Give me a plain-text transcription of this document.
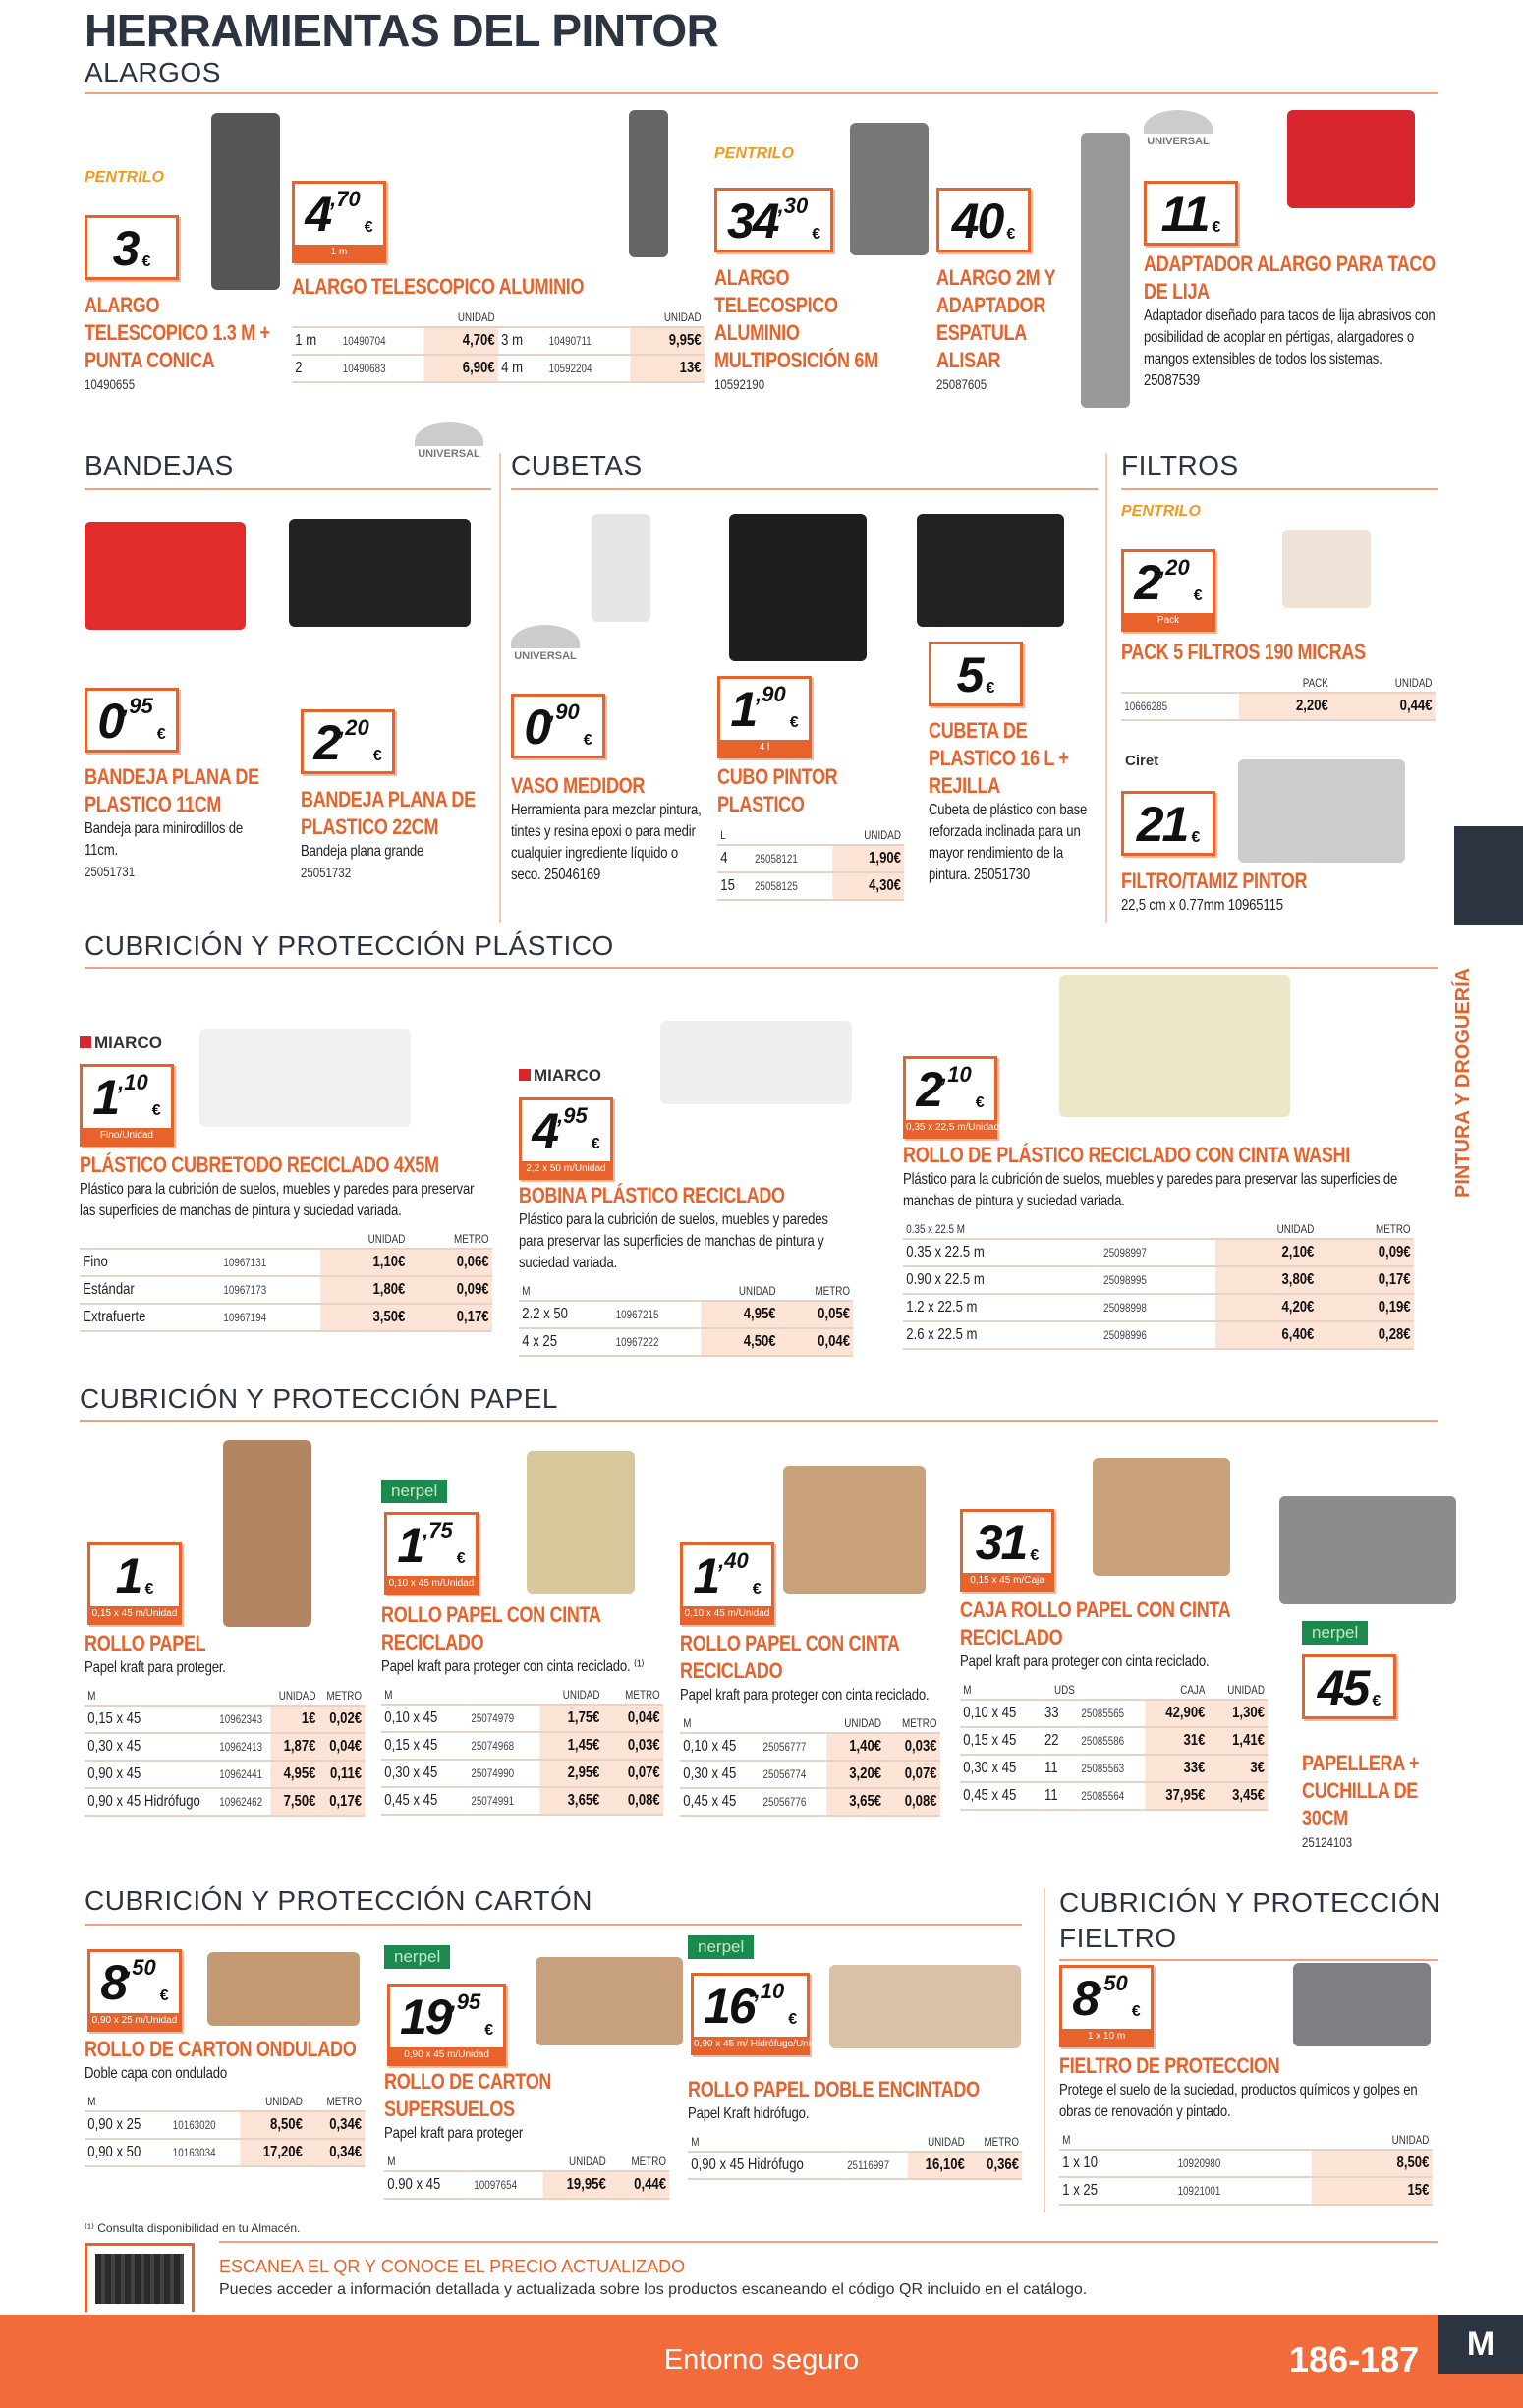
HERRAMIENTAS DEL PINTOR
ALARGOS
BANDEJAS	CUBETAS	FILTROS
CUBRICIÓN Y PROTECCIÓN PLÁSTICO
CUBRICIÓN Y PROTECCIÓN PAPEL
CUBRICIÓN Y PROTECCIÓN CARTÓN	CUBRICIÓN Y PROTECCIÓN FIELTRO
PENTRILO
3 €
ALARGO TELESCOPICO 1.3 M + PUNTA CONICA
10490655
4 ,70
€
1 m
ALARGO TELESCOPICO ALUMINIO
		UNIDAD			UNIDAD
1 m	10490704	4,70€	3 m	10490711	9,95€
2	10490683	6,90€	4 m	10592204	13€
PENTRILO
34 ,30
€
ALARGO TELECOSPICO ALUMINIO MULTIPOSICIÓN 6M
10592190
40 €
ALARGO 2M Y ADAPTADOR ESPATULA ALISAR
25087605
UNIVERSAL
11 €
ADAPTADOR ALARGO PARA TACO DE LIJA
Adaptador diseñado para tacos de lija abrasivos con posibilidad de acoplar en pértigas, alargadores o mangos extensibles de todos los sistemas. 25087539
UNIVERSAL
0 ,95
€
BANDEJA PLANA DE PLASTICO 11CM
Bandeja para minirodillos de 11cm.
25051731
2 ,20
€
BANDEJA PLANA DE PLASTICO 22CM
Bandeja plana grande
25051732
UNIVERSAL
0 ,90
€
VASO MEDIDOR
Herramienta para mezclar pintura, tintes y resina epoxi o para medir cualquier ingrediente líquido o seco. 25046169
1 ,90
€
4 l
CUBO PINTOR PLASTICO
L		UNIDAD
4	25058121	1,90€
15	25058125	4,30€
5 €
CUBETA DE PLASTICO 16 L + REJILLA
Cubeta de plástico con base reforzada inclinada para un mayor rendimiento de la pintura. 25051730
PENTRILO
2 ,20
€
Pack
PACK 5 FILTROS 190 MICRAS
	PACK	UNIDAD
10666285	2,20€	0,44€
Ciret
21 €
FILTRO/TAMIZ PINTOR
22,5 cm x 0.77mm 10965115
MIARCO
1 ,10
€
Fino/Unidad
PLÁSTICO CUBRETODO RECICLADO 4X5M
Plástico para la cubrición de suelos, muebles y paredes para preservar las superficies de manchas de pintura y suciedad variada.
		UNIDAD	METRO
Fino	10967131	1,10€	0,06€
Estándar	10967173	1,80€	0,09€
Extrafuerte	10967194	3,50€	0,17€
MIARCO
4 ,95
€
2,2 x 50 m/Unidad
BOBINA PLÁSTICO RECICLADO
Plástico para la cubrición de suelos, muebles y paredes para preservar las superficies de manchas de pintura y suciedad variada.
M		UNIDAD	METRO
2.2 x 50	10967215	4,95€	0,05€
4 x 25	10967222	4,50€	0,04€
2 ,10
€
0,35 x 22,5 m/Unidad
ROLLO DE PLÁSTICO RECICLADO CON CINTA WASHI
Plástico para la cubrición de suelos, muebles y paredes para preservar las superficies de manchas de pintura y suciedad variada.
0.35 x 22.5 M		UNIDAD	METRO
0.35 x 22.5 m	25098997	2,10€	0,09€
0.90 x 22.5 m	25098995	3,80€	0,17€
1.2 x 22.5 m	25098998	4,20€	0,19€
2.6 x 22.5 m	25098996	6,40€	0,28€
1 €
0,15 x 45 m/Unidad
ROLLO PAPEL
Papel kraft para proteger.
M		UNIDAD	METRO
0,15 x 45	10962343	1€	0,02€
0,30 x 45	10962413	1,87€	0,04€
0,90 x 45	10962441	4,95€	0,11€
0,90 x 45 Hidrófugo	10962462	7,50€	0,17€
nerpel
1 ,75
€
0,10 x 45 m/Unidad
ROLLO PAPEL CON CINTA RECICLADO
Papel kraft para proteger con cinta reciclado. ⁽¹⁾
M		UNIDAD	METRO
0,10 x 45	25074979	1,75€	0,04€
0,15 x 45	25074968	1,45€	0,03€
0,30 x 45	25074990	2,95€	0,07€
0,45 x 45	25074991	3,65€	0,08€
1 ,40
€
0,10 x 45 m/Unidad
ROLLO PAPEL CON CINTA RECICLADO
Papel kraft para proteger con cinta reciclado.
M		UNIDAD	METRO
0,10 x 45	25056777	1,40€	0,03€
0,30 x 45	25056774	3,20€	0,07€
0,45 x 45	25056776	3,65€	0,08€
31 €
0,15 x 45 m/Caja
CAJA ROLLO PAPEL CON CINTA RECICLADO
Papel kraft para proteger con cinta reciclado.
M	UDS		CAJA	UNIDAD
0,10 x 45	33	25085565	42,90€	1,30€
0,15 x 45	22	25085586	31€	1,41€
0,30 x 45	11	25085563	33€	3€
0,45 x 45	11	25085564	37,95€	3,45€
nerpel
45 €
PAPELLERA + CUCHILLA DE 30CM
25124103
8 ,50
€
0,90 x 25 m/Unidad
ROLLO DE CARTON ONDULADO
Doble capa con ondulado
M		UNIDAD	METRO
0,90 x 25	10163020	8,50€	0,34€
0,90 x 50	10163034	17,20€	0,34€
nerpel
19 ,95
€
0,90 x 45 m/Unidad
ROLLO DE CARTON SUPERSUELOS
Papel kraft para proteger
M		UNIDAD	METRO
0.90 x 45	10097654	19,95€	0,44€
nerpel
16 ,10
€
0,90 x 45 m/ Hidrófugo/Unidad
ROLLO PAPEL DOBLE ENCINTADO
Papel Kraft hidrófugo.
M		UNIDAD	METRO
0,90 x 45 Hidrófugo	25116997	16,10€	0,36€
8 ,50
€
1 x 10 m
FIELTRO DE PROTECCION
Protege el suelo de la suciedad, productos químicos y golpes en obras de renovación y pintado.
M		UNIDAD
1 x 10	10920980	8,50€
1 x 25	10921001	15€
PINTURA Y DROGUERÍA
⁽¹⁾ Consulta disponibilidad en tu Almacén.
ESCANEA EL QR Y CONOCE EL PRECIO ACTUALIZADO
Puedes acceder a información detallada y actualizada sobre los productos escaneando el código QR incluido en el catálogo.
Entorno seguro	186-187	M
